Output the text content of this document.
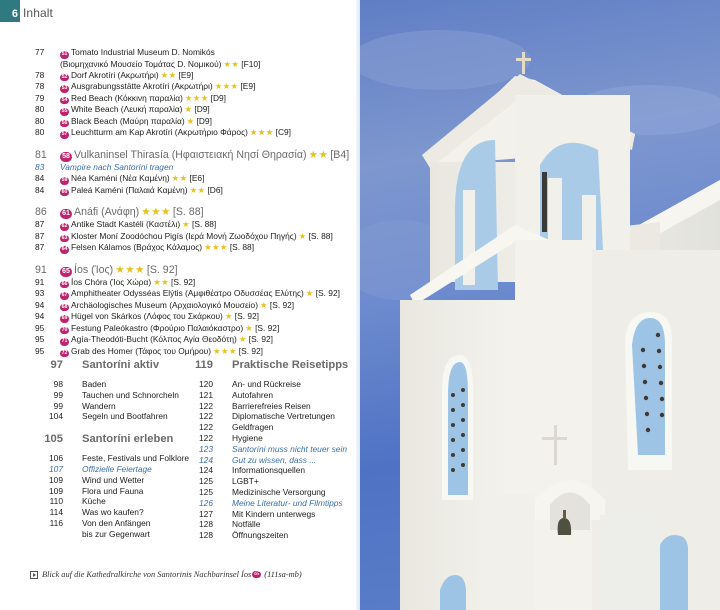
6 Inhalt
77	51 Tomato Industrial Museum D. Nomikós
(Βιομηχανικό Μουσείο Τομάτας D. Νομικού) ★★ [F10]
78	52 Dorf Akrotíri (Ακρωτήρι) ★★ [E9]
78	53 Ausgrabungsstätte Akrotíri (Ακρωτήρι) ★★★ [E9]
79	54 Red Beach (Κόκκινη παραλία) ★★★ [D9]
80	55 White Beach (Λευκή παραλία) ★ [D9]
80	56 Black Beach (Μαύρη παραλία) ★ [D9]
80	57 Leuchtturm am Kap Akrotíri (Ακρωτήριο Φάρος) ★★★ [C9]
81	58 Vulkaninsel Thirasía (Ηφαιστειακή Νησί Θηρασία) ★★ [B4]
83	Vampire nach Santoríni tragen
84	59 Néa Kaméni (Νέα Καμένη) ★★ [E6]
84	60 Paleá Kaméni (Παλαιά Καμένη) ★★ [D6]
86	61 Anáfi (Ανάφη) ★★★ [S. 88]
87	62 Antike Stadt Kastéli (Καστέλι) ★ [S. 88]
87	63 Kloster Moní Zoodóchou Pigís (Ιερά Μονή Ζωοδόχου Πηγής) ★ [S. 88]
87	64 Felsen Kálamos (Βράχος Κάλαμος) ★★★ [S. 88]
91	65 Íos (Ίος) ★★★ [S. 92]
91	66 Íos Chóra (Ίος Χώρα) ★★ [S. 92]
93	67 Amphitheater Odysséas Elýtis (Αμφιθέατρο Οδυσσέας Ελύτης) ★ [S. 92]
94	68 Archäologisches Museum (Αρχαιολογικό Μουσείο) ★ [S. 92]
94	69 Hügel von Skárkos (Λόφος του Σκάρκου) ★ [S. 92]
95	70 Festung Paleókastro (Φρούριο Παλαιόκαστρο) ★ [S. 92]
95	71 Agía-Theodóti-Bucht (Κόλπος Αγία Θεοδότη) ★ [S. 92]
95	72 Grab des Homer (Τάφος του Ομήρου) ★★★ [S. 92]
97 Santoríni aktiv
98 Baden
99 Tauchen und Schnorcheln
99 Wandern
104 Segeln und Bootfahren
105 Santoríni erleben
106 Feste, Festivals und Folklore
107 Offizielle Feiertage
109 Wind und Wetter
109 Flora und Fauna
110 Küche
114 Was wo kaufen?
116 Von den Anfängen
bis zur Gegenwart
119 Praktische Reisetipps
120 An- und Rückreise
121 Autofahren
122 Barrierefreies Reisen
122 Diplomatische Vertretungen
122 Geldfragen
122 Hygiene
123 Santoríni muss nicht teuer sein
124 Gut zu wissen, dass ...
124 Informationsquellen
125 LGBT+
125 Medizinische Versorgung
126 Meine Literatur- und Filmtipps
127 Mit Kindern unterwegs
128 Notfälle
128 Öffnungszeiten
Blick auf die Kathedralkirche von Santorinis Nachbarinsel Íos 65 (111sa-mb)
